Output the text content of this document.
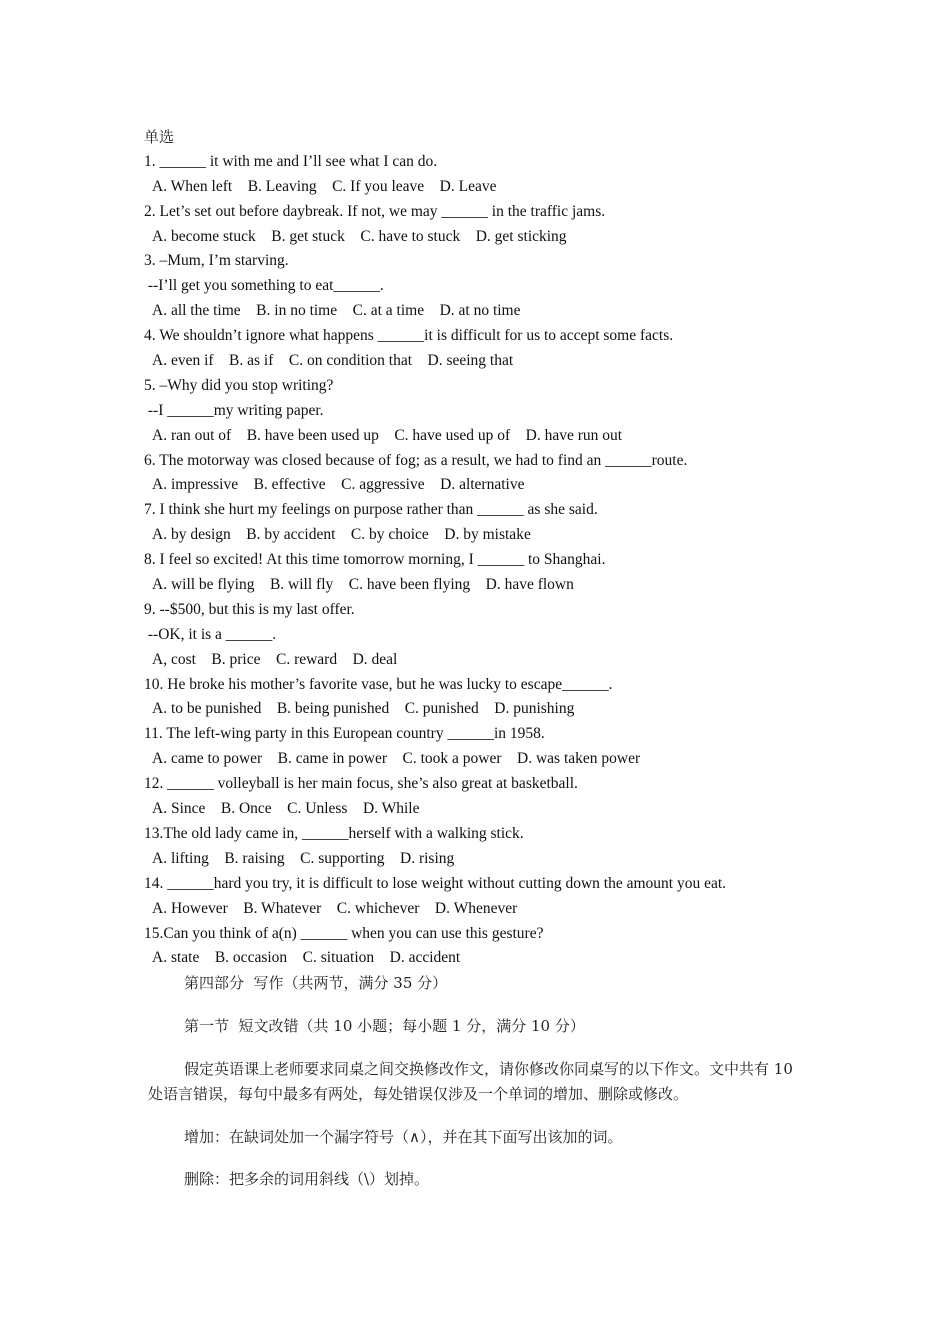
单选
1. ______ it with me and I’ll see what I can do.
A. When left    B. Leaving    C. If you leave    D. Leave
2. Let’s set out before daybreak. If not, we may ______ in the traffic jams.
A. become stuck    B. get stuck    C. have to stuck    D. get sticking
3. –Mum, I’m starving.
--I’ll get you something to eat______.
A. all the time    B. in no time    C. at a time    D. at no time
4. We shouldn’t ignore what happens ______it is difficult for us to accept some facts.
A. even if    B. as if    C. on condition that    D. seeing that
5. –Why did you stop writing?
--I ______my writing paper.
A. ran out of    B. have been used up    C. have used up of    D. have run out
6. The motorway was closed because of fog; as a result, we had to find an ______route.
A. impressive    B. effective    C. aggressive    D. alternative
7. I think she hurt my feelings on purpose rather than ______ as she said.
A. by design    B. by accident    C. by choice    D. by mistake
8. I feel so excited! At this time tomorrow morning, I ______ to Shanghai.
A. will be flying    B. will fly    C. have been flying    D. have flown
9. --$500, but this is my last offer.
--OK, it is a ______.
A, cost    B. price    C. reward    D. deal
10. He broke his mother’s favorite vase, but he was lucky to escape______.
A. to be punished    B. being punished    C. punished    D. punishing
11. The left-wing party in this European country ______in 1958.
A. came to power    B. came in power    C. took a power    D. was taken power
12. ______ volleyball is her main focus, she’s also great at basketball.
A. Since    B. Once    C. Unless    D. While
13.The old lady came in, ______herself with a walking stick.
A. lifting    B. raising    C. supporting    D. rising
14. ______hard you try, it is difficult to lose weight without cutting down the amount you eat.
A. However    B. Whatever    C. whichever    D. Whenever
15.Can you think of a(n) ______ when you can use this gesture?
A. state    B. occasion    C. situation    D. accident
第四部分  写作（共两节，满分 35 分）
第一节  短文改错（共 10 小题；每小题 1 分，满分 10 分）
假定英语课上老师要求同桌之间交换修改作文，请你修改你同桌写的以下作文。文中共有 10 处语言错误，每句中最多有两处，每处错误仅涉及一个单词的增加、删除或修改。
增加：在缺词处加一个漏字符号（∧），并在其下面写出该加的词。
删除：把多余的词用斜线（\）划掉。
